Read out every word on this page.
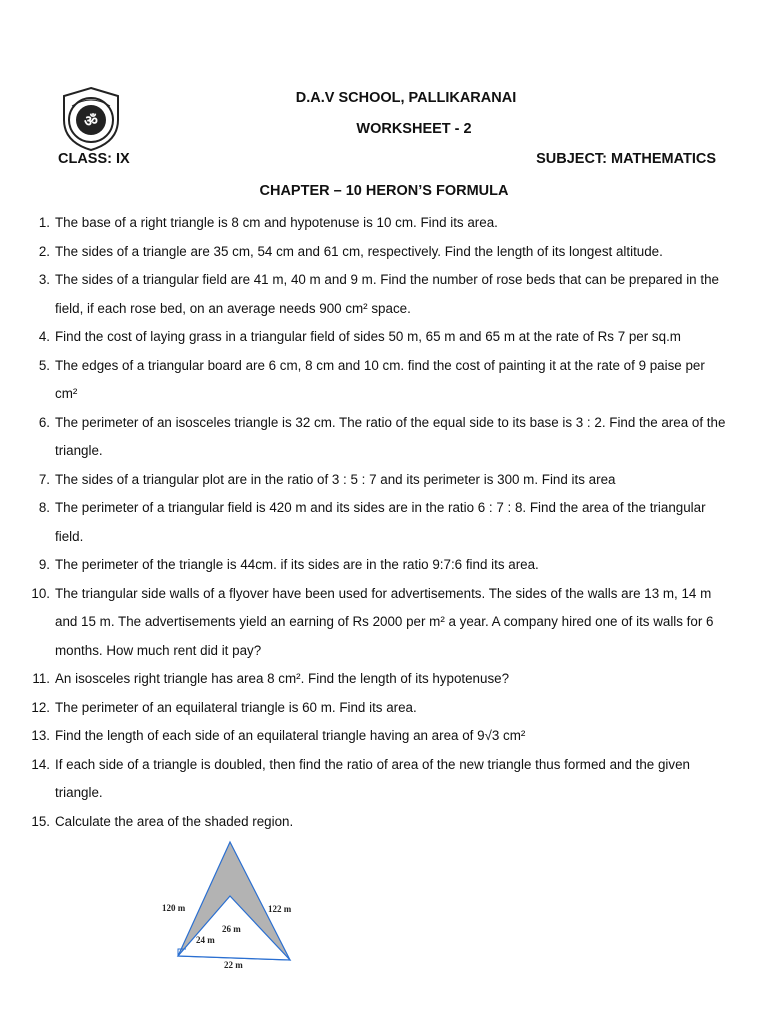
ॐ
D.A.V SCHOOL, PALLIKARANAI
WORKSHEET - 2
CLASS: IX	SUBJECT: MATHEMATICS
CHAPTER – 10 HERON’S FORMULA
1. The base of a right triangle is 8 cm and hypotenuse is 10 cm. Find its area.
2. The sides of a triangle are 35 cm, 54 cm and 61 cm, respectively. Find the length of its longest altitude.
3. The sides of a triangular field are 41 m, 40 m and 9 m. Find the number of rose beds that can be prepared in the field, if each rose bed, on an average needs 900 cm² space.
4. Find the cost of laying grass in a triangular field of sides 50 m, 65 m and 65 m at the rate of Rs 7 per sq.m
5. The edges of a triangular board are 6 cm, 8 cm and 10 cm. find the cost of painting it at the rate of 9 paise per cm²
6. The perimeter of an isosceles triangle is 32 cm. The ratio of the equal side to its base is 3 : 2. Find the area of the triangle.
7. The sides of a triangular plot are in the ratio of 3 : 5 : 7 and its perimeter is 300 m. Find its area
8. The perimeter of a triangular field is 420 m and its sides are in the ratio 6 : 7 : 8. Find the area of the triangular field.
9. The perimeter of the triangle is 44cm. if its sides are in the ratio 9:7:6 find its area.
10. The triangular side walls of a flyover have been used for advertisements. The sides of the walls are 13 m, 14 m and 15 m. The advertisements yield an earning of Rs 2000 per m² a year. A company hired one of its walls for 6 months. How much rent did it pay?
11. An isosceles right triangle has area 8 cm². Find the length of its hypotenuse?
12. The perimeter of an equilateral triangle is 60 m. Find its area.
13. Find the length of each side of an equilateral triangle having an area of 9√3 cm²
14. If each side of a triangle is doubled, then find the ratio of area of the new triangle thus formed and the given triangle.
15. Calculate the area of the shaded region.
120 m	122 m
26 m
24 m
22 m
